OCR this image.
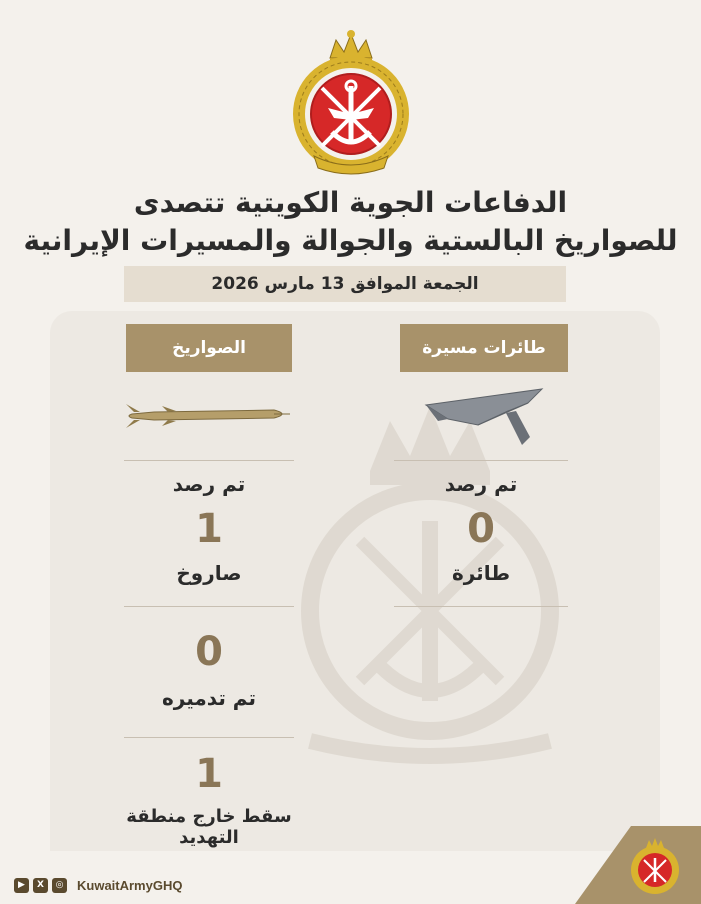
الدفاعات الجوية الكويتية تتصدى
للصواريخ البالستية والجوالة والمسيرات الإيرانية
الجمعة الموافق 13 مارس 2026
طائرات مسيرة
الصواريخ
تم رصد
0
طائرة
تم رصد
1
صاروخ
0
تم تدميره
1
سقط خارج منطقة التهديد
▶	X	◎ KuwaitArmyGHQ
